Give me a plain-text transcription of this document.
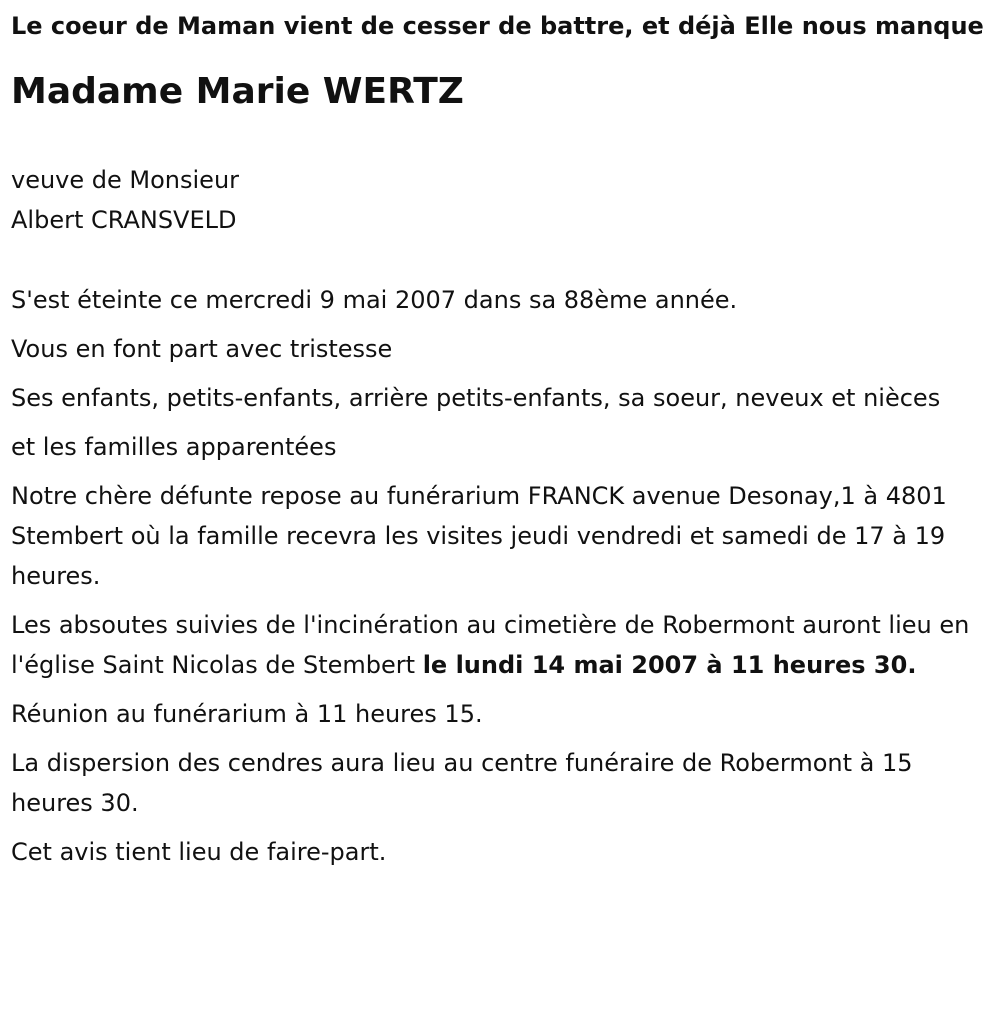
Le coeur de Maman vient de cesser de battre, et déjà Elle nous manque

Madame Marie WERTZ
veuve de Monsieur
Albert CRANSVELD

S'est éteinte ce mercredi 9 mai 2007 dans sa 88ème année.

Vous en font part avec tristesse

Ses enfants, petits-enfants, arrière petits-enfants, sa soeur, neveux et nièces

et les familles apparentées

Notre chère défunte repose au funérarium FRANCK avenue Desonay,1 à 4801 Stembert où la famille recevra les visites jeudi vendredi et samedi de 17 à 19 heures.

Les absoutes suivies de l'incinération au cimetière de Robermont auront lieu en l'église Saint Nicolas de Stembert le lundi 14 mai 2007 à 11 heures 30.

Réunion au funérarium à 11 heures 15.

La dispersion des cendres aura lieu au centre funéraire de Robermont à 15 heures 30.

Cet avis tient lieu de faire-part.
